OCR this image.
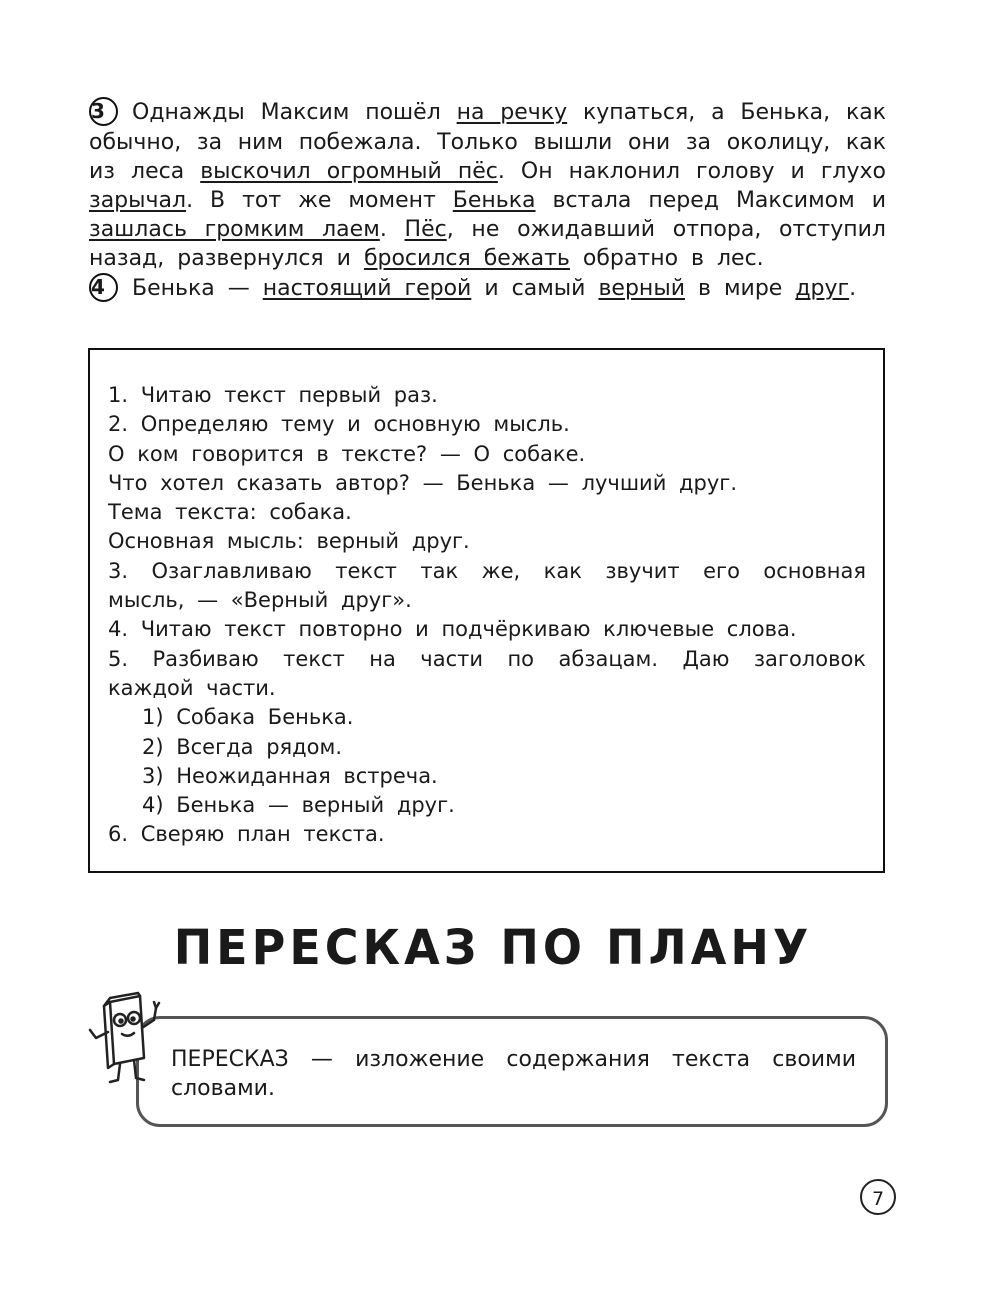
3 Однажды Максим пошёл на речку купаться, а Бенька, как обычно, за ним побежала. Только вышли они за околицу, как из леса выскочил огромный пёс. Он наклонил голову и глухо зарычал. В тот же момент Бенька встала перед Максимом и зашлась громким лаем. Пёс, не ожидавший отпора, отступил назад, развернулся и бросился бежать обратно в лес.
4 Бенька — настоящий герой и самый верный в мире друг.
1. Читаю текст первый раз.
2. Определяю тему и основную мысль.
О ком говорится в тексте? — О собаке.
Что хотел сказать автор? — Бенька — лучший друг.
Тема текста: собака.
Основная мысль: верный друг.
3. Озаглавливаю текст так же, как звучит его основная
мысль, — «Верный друг».
4. Читаю текст повторно и подчёркиваю ключевые слова.
5. Разбиваю текст на части по абзацам. Даю заголовок
каждой части.
1) Собака Бенька.
2) Всегда рядом.
3) Неожиданная встреча.
4) Бенька — верный друг.
6. Сверяю план текста.
ПЕРЕСКАЗ ПО ПЛАНУ
ПЕРЕСКАЗ — изложение содержания текста своими словами.
7
